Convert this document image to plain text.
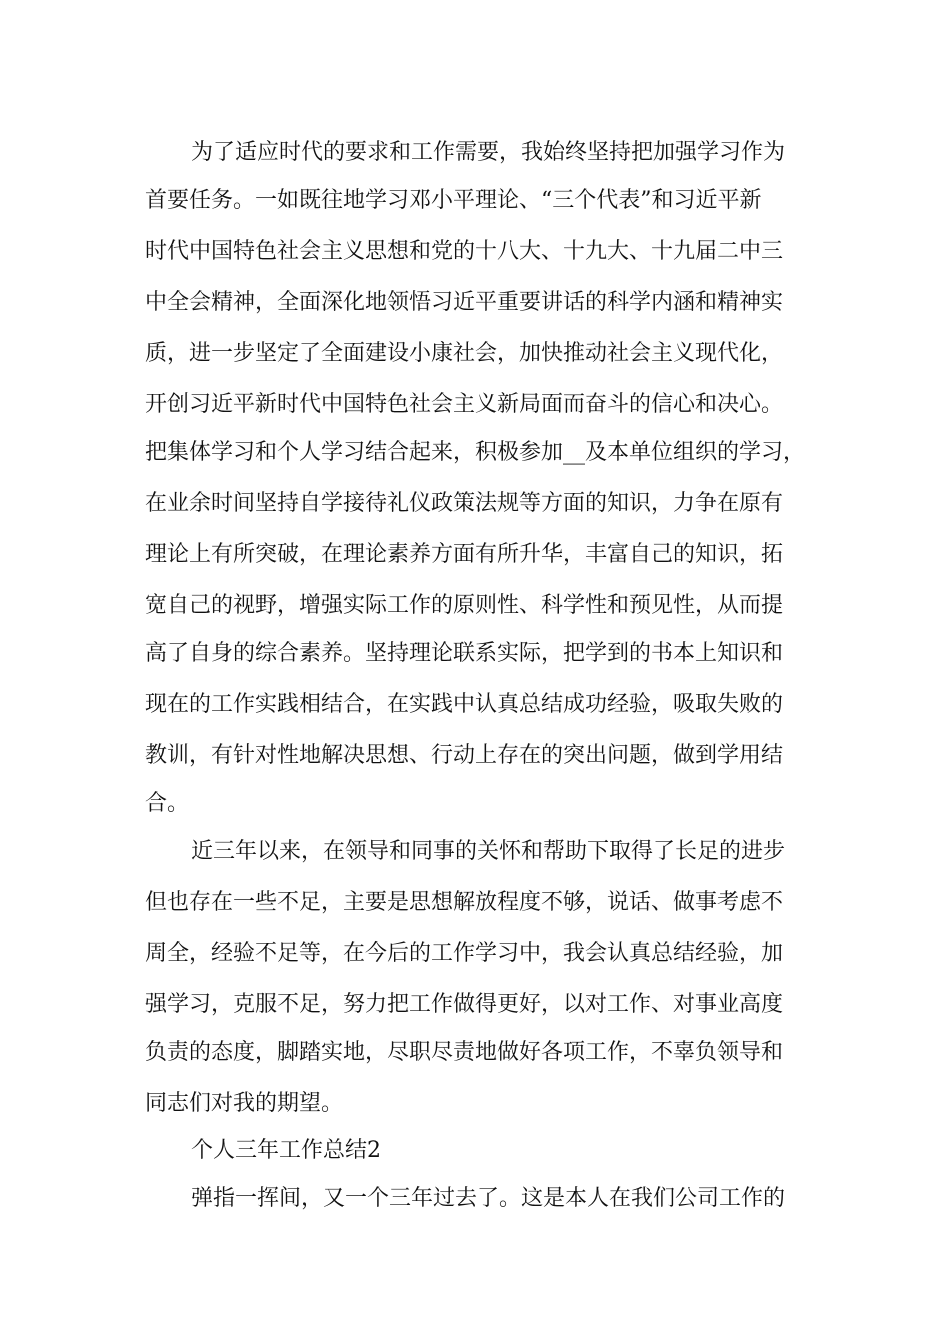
为了适应时代的要求和工作需要，我始终坚持把加强学习作为

首要任务。一如既往地学习邓小平理论、“三个代表”和习近平新

时代中国特色社会主义思想和党的十八大、十九大、十九届二中三

中全会精神，全面深化地领悟习近平重要讲话的科学内涵和精神实

质，进一步坚定了全面建设小康社会，加快推动社会主义现代化，

开创习近平新时代中国特色社会主义新局面而奋斗的信心和决心。

把集体学习和个人学习结合起来，积极参加__及本单位组织的学习，

在业余时间坚持自学接待礼仪政策法规等方面的知识，力争在原有

理论上有所突破，在理论素养方面有所升华，丰富自己的知识，拓

宽自己的视野，增强实际工作的原则性、科学性和预见性，从而提

高了自身的综合素养。坚持理论联系实际，把学到的书本上知识和

现在的工作实践相结合，在实践中认真总结成功经验，吸取失败的

教训，有针对性地解决思想、行动上存在的突出问题，做到学用结

合。

近三年以来，在领导和同事的关怀和帮助下取得了长足的进步

但也存在一些不足，主要是思想解放程度不够，说话、做事考虑不

周全，经验不足等，在今后的工作学习中，我会认真总结经验，加

强学习，克服不足，努力把工作做得更好，以对工作、对事业高度

负责的态度，脚踏实地，尽职尽责地做好各项工作，不辜负领导和

同志们对我的期望。

个人三年工作总结2

弹指一挥间，又一个三年过去了。这是本人在我们公司工作的
